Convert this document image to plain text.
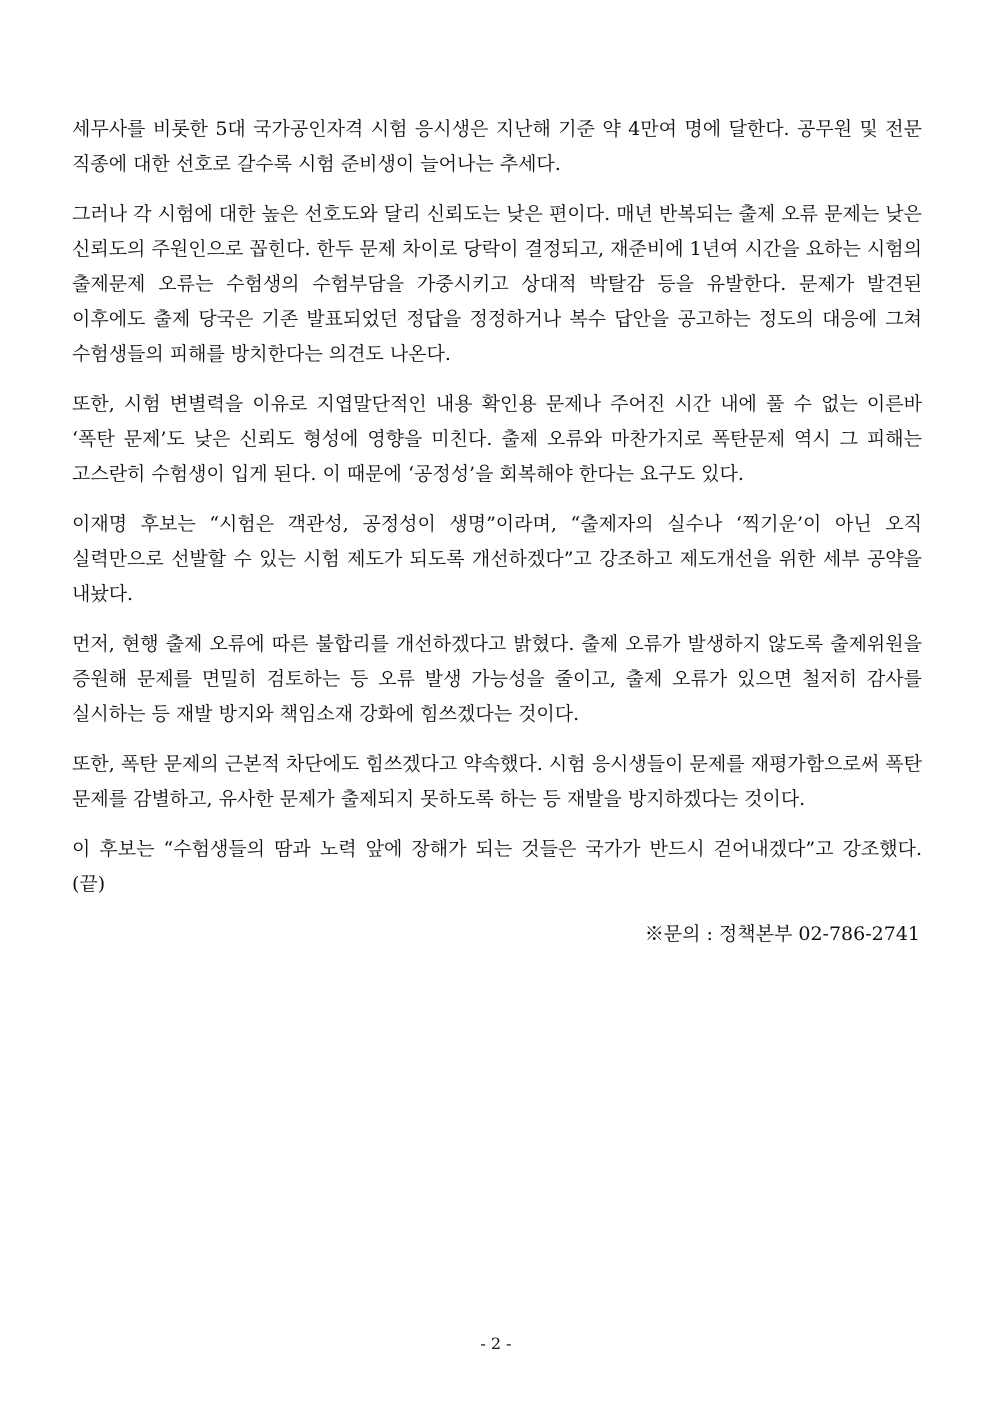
세무사를 비롯한 5대 국가공인자격 시험 응시생은 지난해 기준 약 4만여 명에 달한다. 공무원 및 전문 직종에 대한 선호로 갈수록 시험 준비생이 늘어나는 추세다.

그러나 각 시험에 대한 높은 선호도와 달리 신뢰도는 낮은 편이다. 매년 반복되는 출제 오류 문제는 낮은 신뢰도의 주원인으로 꼽힌다. 한두 문제 차이로 당락이 결정되고, 재준비에 1년여 시간을 요하는 시험의 출제문제 오류는 수험생의 수험부담을 가중시키고 상대적 박탈감 등을 유발한다. 문제가 발견된 이후에도 출제 당국은 기존 발표되었던 정답을 정정하거나 복수 답안을 공고하는 정도의 대응에 그쳐 수험생들의 피해를 방치한다는 의견도 나온다.

또한, 시험 변별력을 이유로 지엽말단적인 내용 확인용 문제나 주어진 시간 내에 풀 수 없는 이른바 ‘폭탄 문제’도 낮은 신뢰도 형성에 영향을 미친다. 출제 오류와 마찬가지로 폭탄문제 역시 그 피해는 고스란히 수험생이 입게 된다. 이 때문에 ‘공정성’을 회복해야 한다는 요구도 있다.

이재명 후보는 “시험은 객관성, 공정성이 생명”이라며, “출제자의 실수나 ‘찍기운’이 아닌 오직 실력만으로 선발할 수 있는 시험 제도가 되도록 개선하겠다”고 강조하고 제도개선을 위한 세부 공약을 내놨다.

먼저, 현행 출제 오류에 따른 불합리를 개선하겠다고 밝혔다. 출제 오류가 발생하지 않도록 출제위원을 증원해 문제를 면밀히 검토하는 등 오류 발생 가능성을 줄이고, 출제 오류가 있으면 철저히 감사를 실시하는 등 재발 방지와 책임소재 강화에 힘쓰겠다는 것이다.

또한, 폭탄 문제의 근본적 차단에도 힘쓰겠다고 약속했다. 시험 응시생들이 문제를 재평가함으로써 폭탄 문제를 감별하고, 유사한 문제가 출제되지 못하도록 하는 등 재발을 방지하겠다는 것이다.

이 후보는 “수험생들의 땀과 노력 앞에 장해가 되는 것들은 국가가 반드시 걷어내겠다”고 강조했다. (끝)

※문의 : 정책본부 02-786-2741

- 2 -
